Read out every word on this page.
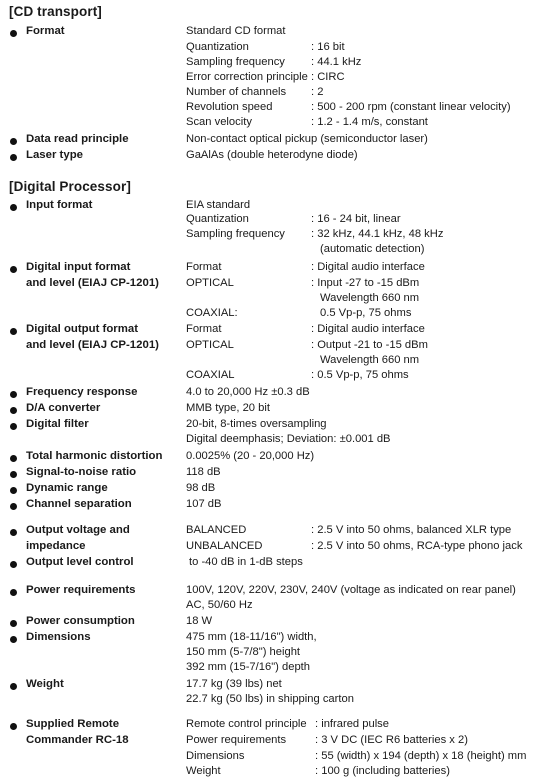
[CD transport]
Format	Standard CD format
Quantization	: 16 bit
Sampling frequency : 44.1 kHz
Error correction principle : CIRC
Number of channels : 2
Revolution speed	: 500 - 200 rpm (constant linear velocity)
Scan velocity	: 1.2 - 1.4 m/s, constant
Data read principle	Non-contact optical pickup (semiconductor laser)
Laser type	GaAlAs (double heterodyne diode)
[Digital Processor]
Input format	EIA standard
Quantization	: 16 - 24 bit, linear
Sampling frequency : 32 kHz, 44.1 kHz, 48 kHz
(automatic detection)
Digital input format
and level (EIAJ CP-1201)
Format	: Digital audio interface
OPTICAL	: Input -27 to -15 dBm
Wavelength 660 nm
COAXIAL:	0.5 Vp-p, 75 ohms
Digital output format
and level (EIAJ CP-1201)
Format	: Digital audio interface
OPTICAL	: Output -21 to -15 dBm
Wavelength 660 nm
COAXIAL	: 0.5 Vp-p, 75 ohms
Frequency response	4.0 to 20,000 Hz ±0.3 dB
D/A converter	MMB type, 20 bit
Digital filter	20-bit, 8-times oversampling
Digital deemphasis; Deviation: ±0.001 dB
Total harmonic distortion 0.0025% (20 - 20,000 Hz)
Signal-to-noise ratio	118 dB
Dynamic range	98 dB
Channel separation	107 dB
Output voltage and
impedance
BALANCED	: 2.5 V into 50 ohms, balanced XLR type
UNBALANCED	: 2.5 V into 50 ohms, RCA-type phono jack
Output level control	to -40 dB in 1-dB steps
Power requirements	100V, 120V, 220V, 230V, 240V (voltage as indicated on rear panel)
AC, 50/60 Hz
Power consumption	18 W
Dimensions	475 mm (18-11/16") width,
150 mm (5-7/8") height
392 mm (15-7/16") depth
Weight	17.7 kg (39 lbs) net
22.7 kg (50 lbs) in shipping carton
Supplied Remote
Commander RC-18
Remote control principle : infrared pulse
Power requirements	: 3 V DC (IEC R6 batteries x 2)
Dimensions	: 55 (width) x 194 (depth) x 18 (height) mm
Weight	: 100 g (including batteries)
